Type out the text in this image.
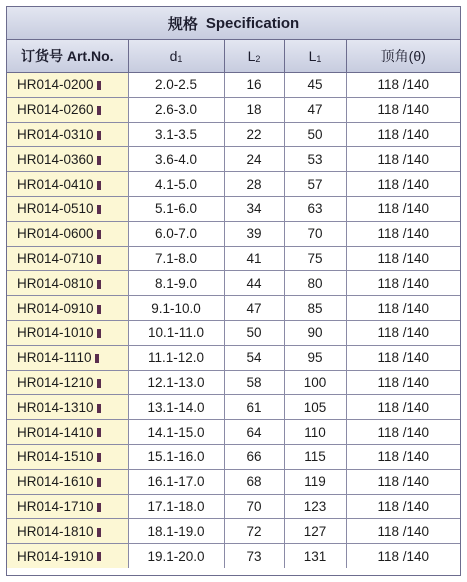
规格 Specification
订货号 Art.No.	d1	L2	L1	顶角(θ)
HR014-0200	2.0-2.5	16	45	118 /140
HR014-0260	2.6-3.0	18	47	118 /140
HR014-0310	3.1-3.5	22	50	118 /140
HR014-0360	3.6-4.0	24	53	118 /140
HR014-0410	4.1-5.0	28	57	118 /140
HR014-0510	5.1-6.0	34	63	118 /140
HR014-0600	6.0-7.0	39	70	118 /140
HR014-0710	7.1-8.0	41	75	118 /140
HR014-0810	8.1-9.0	44	80	118 /140
HR014-0910	9.1-10.0	47	85	118 /140
HR014-1010	10.1-11.0	50	90	118 /140
HR014-1110	11.1-12.0	54	95	118 /140
HR014-1210	12.1-13.0	58	100	118 /140
HR014-1310	13.1-14.0	61	105	118 /140
HR014-1410	14.1-15.0	64	110	118 /140
HR014-1510	15.1-16.0	66	115	118 /140
HR014-1610	16.1-17.0	68	119	118 /140
HR014-1710	17.1-18.0	70	123	118 /140
HR014-1810	18.1-19.0	72	127	118 /140
HR014-1910	19.1-20.0	73	131	118 /140
